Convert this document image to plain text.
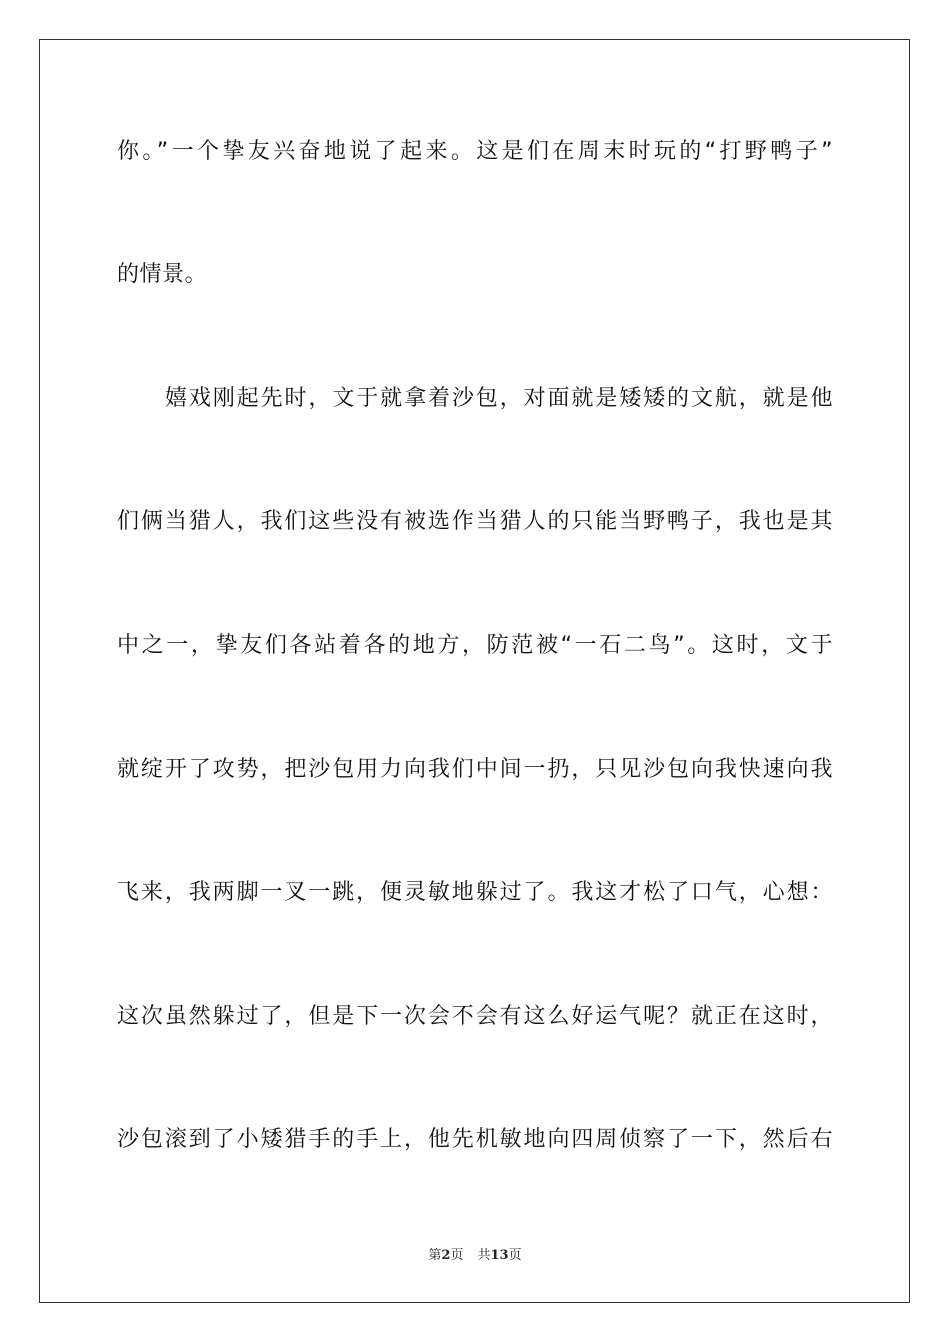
你。”一个挚友兴奋地说了起来。这是们在周末时玩的“打野鸭子”
的情景。
嬉戏刚起先时，文于就拿着沙包，对面就是矮矮的文航，就是他
们俩当猎人，我们这些没有被选作当猎人的只能当野鸭子，我也是其
中之一，挚友们各站着各的地方，防范被“一石二鸟”。这时，文于
就绽开了攻势，把沙包用力向我们中间一扔，只见沙包向我快速向我
飞来，我两脚一叉一跳，便灵敏地躲过了。我这才松了口气，心想：
这次虽然躲过了，但是下一次会不会有这么好运气呢？就正在这时，
沙包滚到了小矮猎手的手上，他先机敏地向四周侦察了一下，然后右
第2页 共13页
